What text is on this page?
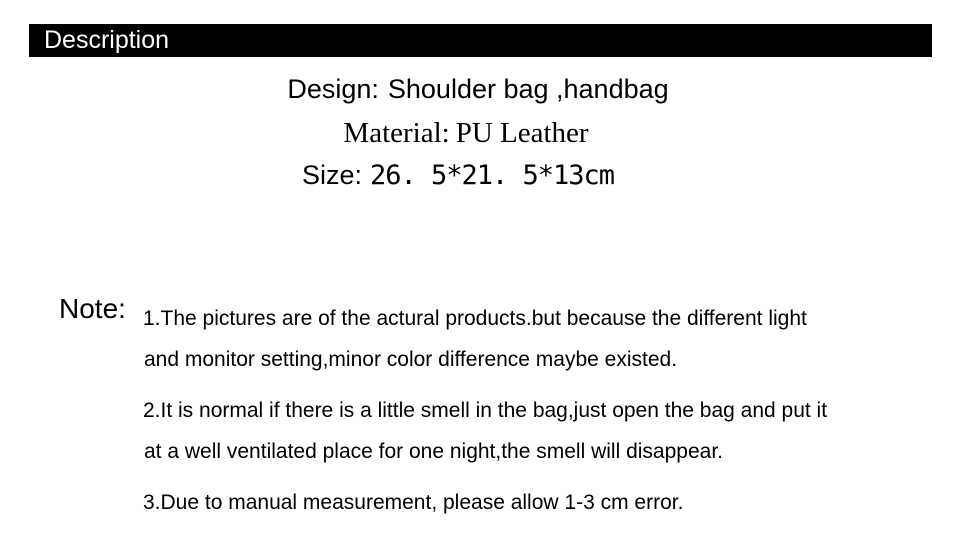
Description
Design: Shoulder bag ,handbag
Material: PU Leather
Size: 26. 5*21. 5*13cm
Note: 1.The pictures are of the actural products.but because the different light
and monitor setting,minor color difference maybe existed.
2.It is normal if there is a little smell in the bag,just open the bag and put it
at a well ventilated place for one night,the smell will disappear.
3.Due to manual measurement, please allow 1-3 cm error.
